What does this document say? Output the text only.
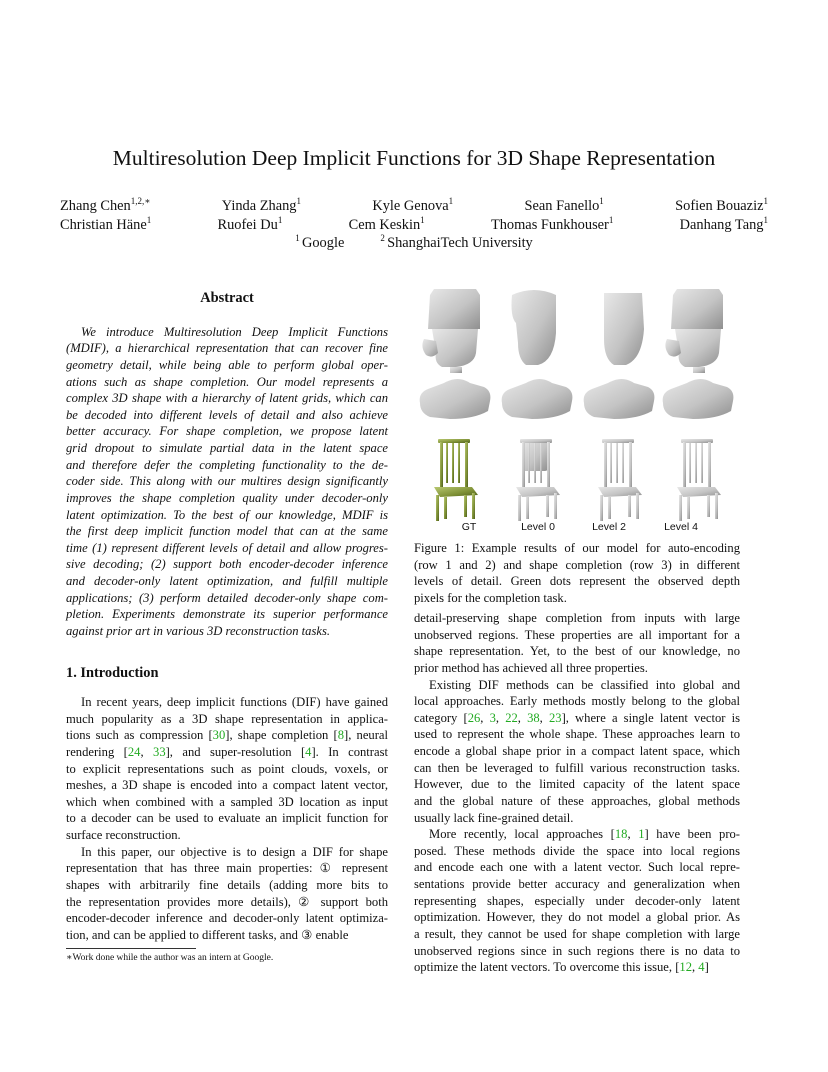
Multiresolution Deep Implicit Functions for 3D Shape Representation
Zhang Chen$^{1,2,∗}$	Yinda Zhang$^1$	Kyle Genova$^1$	Sean Fanello$^1$	Sofien Bouaziz$^1$
Christian Häne$^1$	Ruofei Du$^1$	Cem Keskin$^1$	Thomas Funkhouser$^1$	Danhang Tang$^1$
$^1$ Google	$^2$ ShanghaiTech University
Abstract
We introduce Multiresolution Deep Implicit Functions
(MDIF), a hierarchical representation that can recover fine
geometry detail, while being able to perform global oper-
ations such as shape completion. Our model represents a
complex 3D shape with a hierarchy of latent grids, which can
be decoded into different levels of detail and also achieve
better accuracy. For shape completion, we propose latent
grid dropout to simulate partial data in the latent space
and therefore defer the completing functionality to the de-
coder side. This along with our multires design significantly
improves the shape completion quality under decoder-only
latent optimization. To the best of our knowledge, MDIF is
the first deep implicit function model that can at the same
time (1) represent different levels of detail and allow progres-
sive decoding; (2) support both encoder-decoder inference
and decoder-only latent optimization, and fulfill multiple
applications; (3) perform detailed decoder-only shape com-
pletion. Experiments demonstrate its superior performance
against prior art in various 3D reconstruction tasks.
1. Introduction
In recent years, deep implicit functions (DIF) have gained
much popularity as a 3D shape representation in applica-
tions such as compression [30], shape completion [8], neural
rendering [24, 33], and super-resolution [4]. In contrast
to explicit representations such as point clouds, voxels, or
meshes, a 3D shape is encoded into a compact latent vector,
which when combined with a sampled 3D location as input
to a decoder can be used to evaluate an implicit function for
surface reconstruction.
In this paper, our objective is to design a DIF for shape
representation that has three main properties: ① represent
shapes with arbitrarily fine details (adding more bits to
the representation provides more details), ② support both
encoder-decoder inference and decoder-only latent optimiza-
tion, and can be applied to different tasks, and ③ enable
∗Work done while the author was an intern at Google.
GT	Level 0	Level 2	Level 4
Figure 1: Example results of our model for auto-encoding
(row 1 and 2) and shape completion (row 3) in different
levels of detail. Green dots represent the observed depth
pixels for the completion task.
detail-preserving shape completion from inputs with large
unobserved regions. These properties are all important for a
shape representation. Yet, to the best of our knowledge, no
prior method has achieved all three properties.
Existing DIF methods can be classified into global and
local approaches. Early methods mostly belong to the global
category [26, 3, 22, 38, 23], where a single latent vector is
used to represent the whole shape. These approaches learn to
encode a global shape prior in a compact latent space, which
can then be leveraged to fulfill various reconstruction tasks.
However, due to the limited capacity of the latent space
and the global nature of these approaches, global methods
usually lack fine-grained detail.
More recently, local approaches [18, 1] have been pro-
posed. These methods divide the space into local regions
and encode each one with a latent vector. Such local repre-
sentations provide better accuracy and generalization when
representing shapes, especially under decoder-only latent
optimization. However, they do not model a global prior. As
a result, they cannot be used for shape completion with large
unobserved regions since in such regions there is no data to
optimize the latent vectors. To overcome this issue, [12, 4]
